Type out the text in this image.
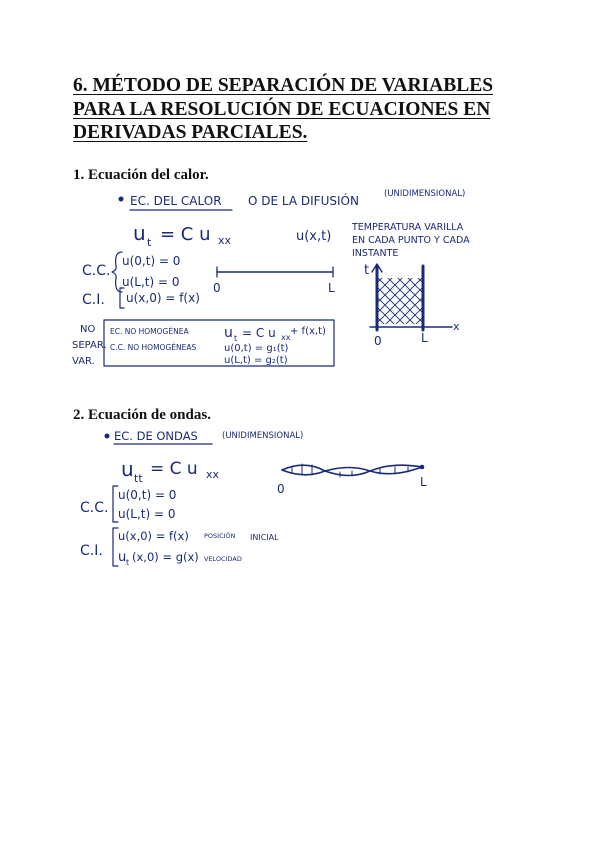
6. MÉTODO DE SEPARACIÓN DE VARIABLES PARA LA RESOLUCIÓN DE ECUACIONES EN DERIVADAS PARCIALES.
1. Ecuación del calor.
EC. DEL CALOR O DE LA DIFUSIÓN	(UNIDIMENSIONAL)
u t = C u xx	u(x,t)
TEMPERATURA VARILLA
EN CADA PUNTO Y CADA
INSTANTE
C.C.
u(0,t) = 0
u(L,t) = 0	0	L
C.I. u(x,0) = f(x)
NO
SEPAR.
VAR.
EC. NO HOMOGÉNEA	u t = C u xx
+ f(x,t)
C.C. NO HOMOGÉNEAS	u(0,t) = g₁(t)
u(L,t) = g₂(t)
t
x
0	L
2. Ecuación de ondas.
EC. DE ONDAS	(UNIDIMENSIONAL)
u tt = C u xx
0	L
C.C.
u(0,t) = 0
u(L,t) = 0
C.I.
u(x,0) = f(x) POSICIÓN
u t (x,0) = g(x) VELOCIDAD
INICIAL
